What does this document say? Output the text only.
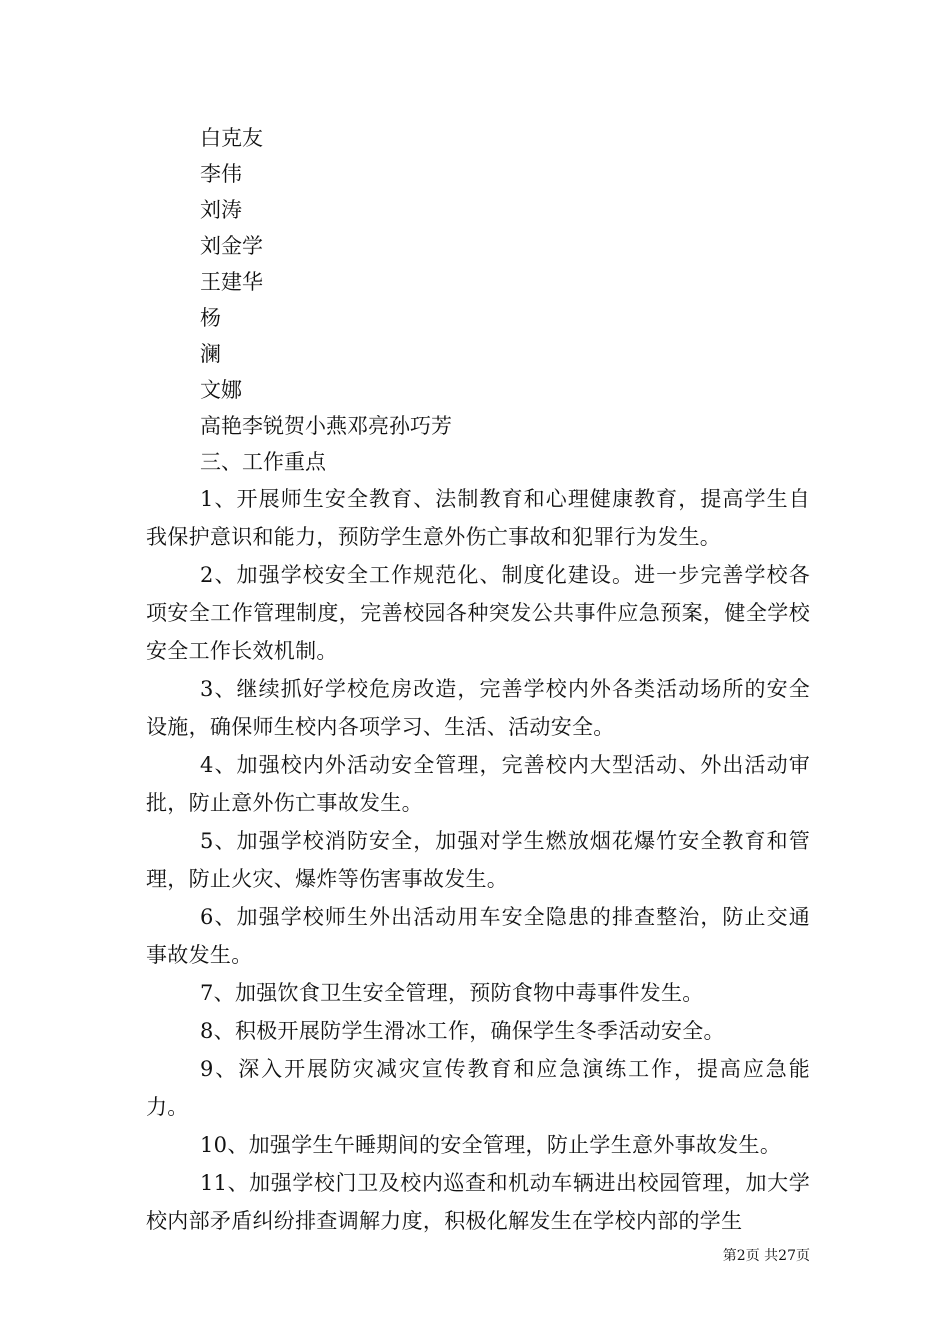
白克友
李伟
刘涛
刘金学
王建华
杨
澜
文娜
高艳李锐贺小燕邓亮孙巧芳
三、工作重点

1、开展师生安全教育、法制教育和心理健康教育，提高学生自我保护意识和能力，预防学生意外伤亡事故和犯罪行为发生。

2、加强学校安全工作规范化、制度化建设。进一步完善学校各项安全工作管理制度，完善校园各种突发公共事件应急预案，健全学校安全工作长效机制。

3、继续抓好学校危房改造，完善学校内外各类活动场所的安全设施，确保师生校内各项学习、生活、活动安全。

4、加强校内外活动安全管理，完善校内大型活动、外出活动审批，防止意外伤亡事故发生。

5、加强学校消防安全，加强对学生燃放烟花爆竹安全教育和管理，防止火灾、爆炸等伤害事故发生。

6、加强学校师生外出活动用车安全隐患的排查整治，防止交通事故发生。

7、加强饮食卫生安全管理，预防食物中毒事件发生。

8、积极开展防学生滑冰工作，确保学生冬季活动安全。

9、深入开展防灾减灾宣传教育和应急演练工作，提高应急能力。

10、加强学生午睡期间的安全管理，防止学生意外事故发生。

11、加强学校门卫及校内巡查和机动车辆进出校园管理，加大学校内部矛盾纠纷排查调解力度，积极化解发生在学校内部的学生

第2页 共27页
